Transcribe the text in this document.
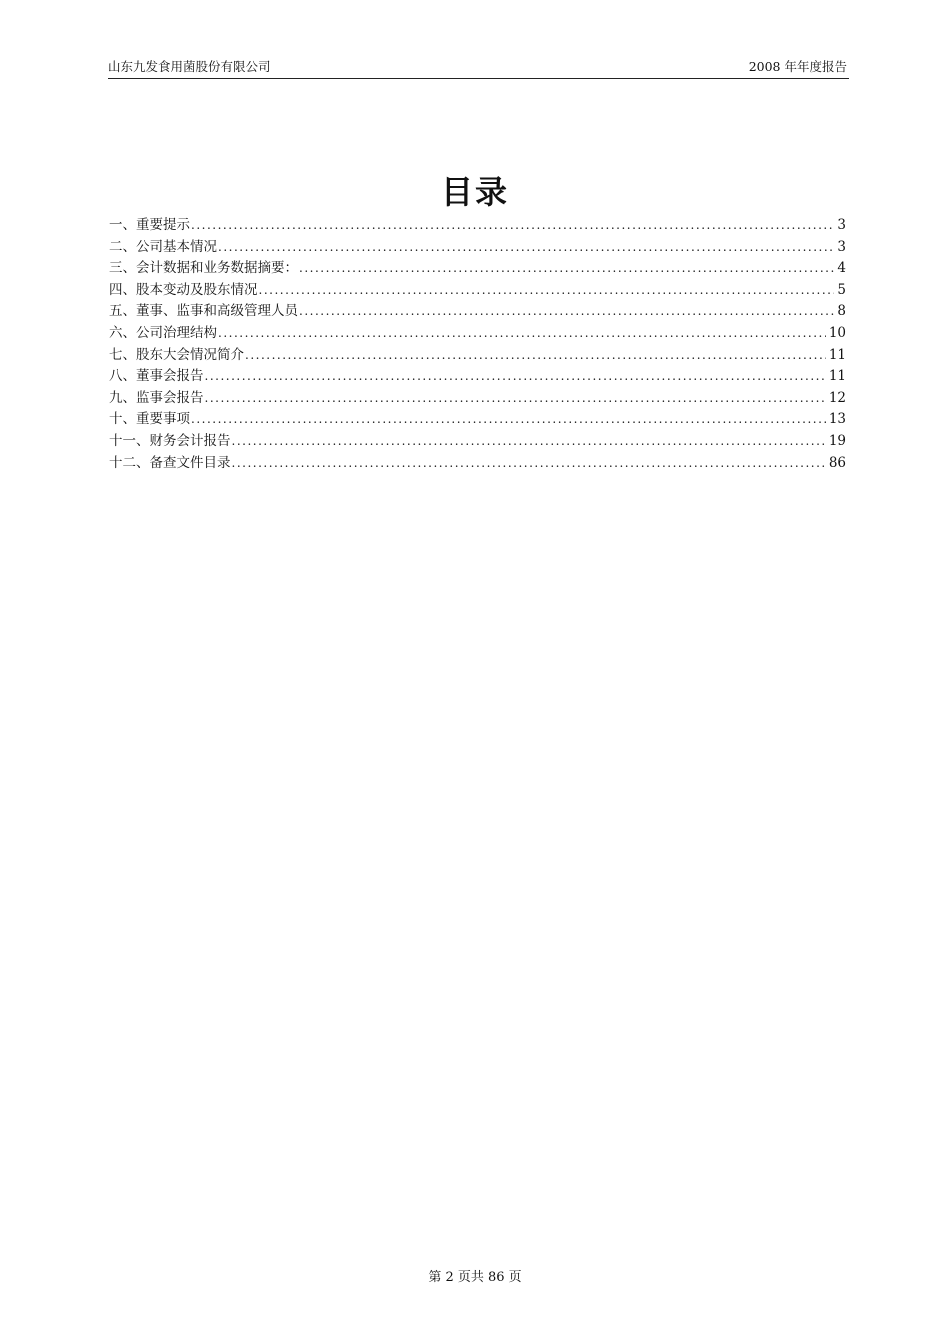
山东九发食用菌股份有限公司	2008 年年度报告
目录
一、重要提示 .....	3
二、公司基本情况 .....	3
三、会计数据和业务数据摘要： .....	4
四、股本变动及股东情况 .....	5
五、董事、监事和高级管理人员 .....	8
六、公司治理结构 .....	10
七、股东大会情况简介 .....	11
八、董事会报告 .....	11
九、监事会报告 .....	12
十、重要事项 .....	13
十一、财务会计报告 .....	19
十二、备查文件目录 .....	86
第 2 页共 86 页
